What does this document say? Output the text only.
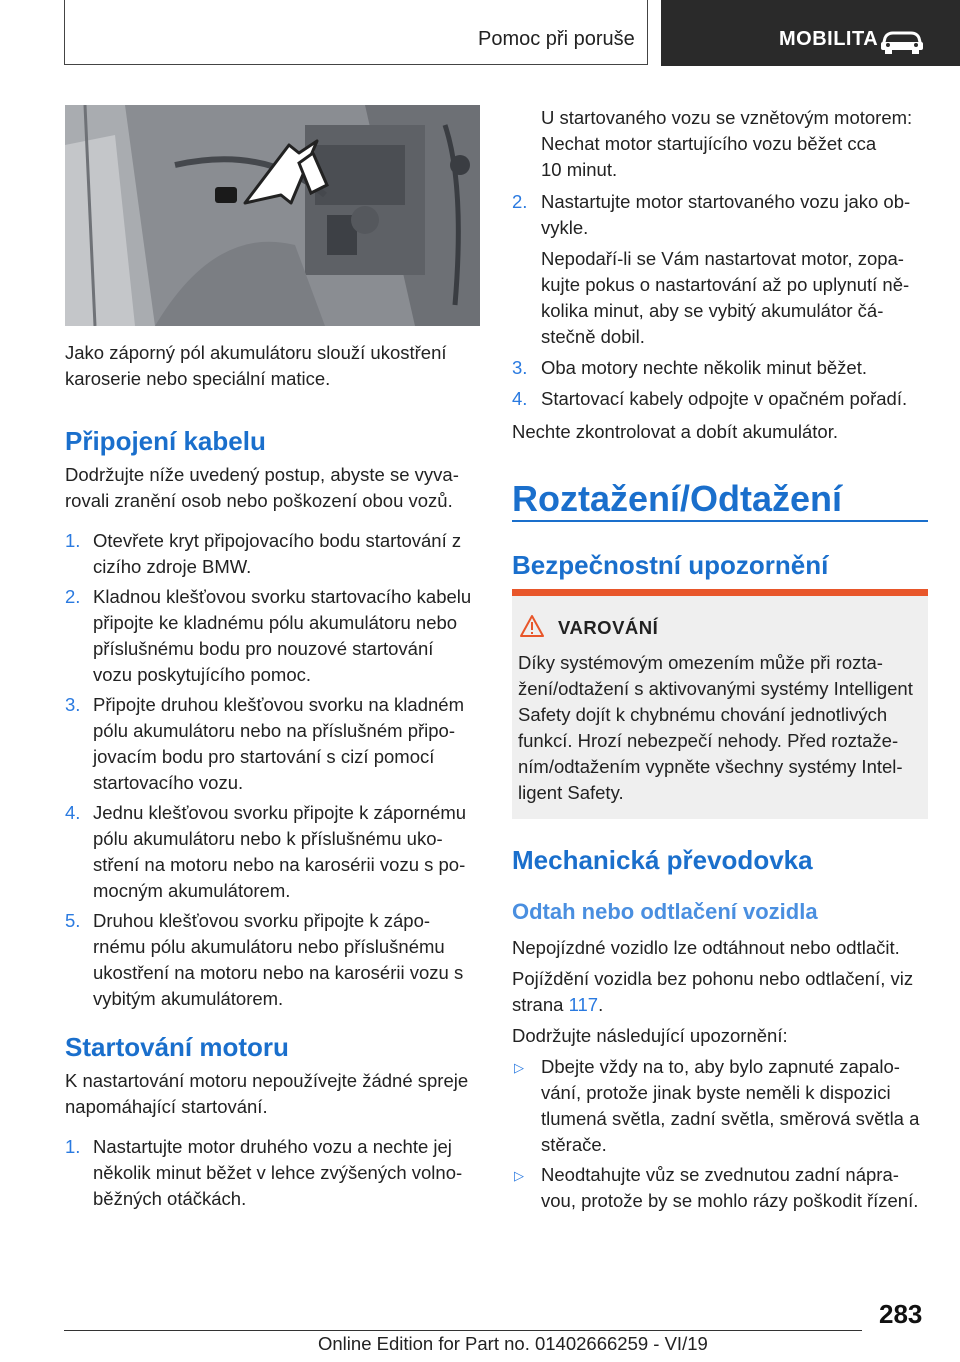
Pomoc při poruše	MOBILITA
Jako záporný pól akumulátoru slouží ukostření
karoserie nebo speciální matice.
Připojení kabelu
Dodržujte níže uvedený postup, abyste se vyva-
rovali zranění osob nebo poškození obou vozů.
1. Otevřete kryt připojovacího bodu startování z
cizího zdroje BMW.
2. Kladnou klešťovou svorku startovacího kabelu
připojte ke kladnému pólu akumulátoru nebo
příslušnému bodu pro nouzové startování
vozu poskytujícího pomoc.
3. Připojte druhou klešťovou svorku na kladném
pólu akumulátoru nebo na příslušném připo-
jovacím bodu pro startování s cizí pomocí
startovacího vozu.
4. Jednu klešťovou svorku připojte k zápornému
pólu akumulátoru nebo k příslušnému uko-
stření na motoru nebo na karosérii vozu s po-
mocným akumulátorem.
5. Druhou klešťovou svorku připojte k zápo-
rnému pólu akumulátoru nebo příslušnému
ukostření na motoru nebo na karosérii vozu s
vybitým akumulátorem.
Startování motoru
K nastartování motoru nepoužívejte žádné spreje
napomáhající startování.
1. Nastartujte motor druhého vozu a nechte jej
několik minut běžet v lehce zvýšených volno-
běžných otáčkách.
U startovaného vozu se vznětovým motorem:
Nechat motor startujícího vozu běžet cca
10 minut.
2. Nastartujte motor startovaného vozu jako ob-
vykle.
Nepodaří-li se Vám nastartovat motor, zopa-
kujte pokus o nastartování až po uplynutí ně-
kolika minut, aby se vybitý akumulátor čá-
stečně dobil.
3. Oba motory nechte několik minut běžet.
4. Startovací kabely odpojte v opačném pořadí.
Nechte zkontrolovat a dobít akumulátor.
Roztažení/Odtažení
Bezpečnostní upozornění
VAROVÁNÍ
Díky systémovým omezením může při rozta-
žení/odtažení s aktivovanými systémy Intelligent
Safety dojít k chybnému chování jednotlivých
funkcí. Hrozí nebezpečí nehody. Před roztaže-
ním/odtažením vypněte všechny systémy Intel-
ligent Safety.
Mechanická převodovka
Odtah nebo odtlačení vozidla
Nepojízdné vozidlo lze odtáhnout nebo odtlačit.
Pojíždění vozidla bez pohonu nebo odtlačení, viz
strana 117.
Dodržujte následující upozornění:
▷ Dbejte vždy na to, aby bylo zapnuté zapalo-
vání, protože jinak byste neměli k dispozici
tlumená světla, zadní světla, směrová světla a
stěrače.
▷ Neodtahujte vůz se zvednutou zadní nápra-
vou, protože by se mohlo rázy poškodit řízení.
283
Online Edition for Part no. 01402666259 - VI/19
